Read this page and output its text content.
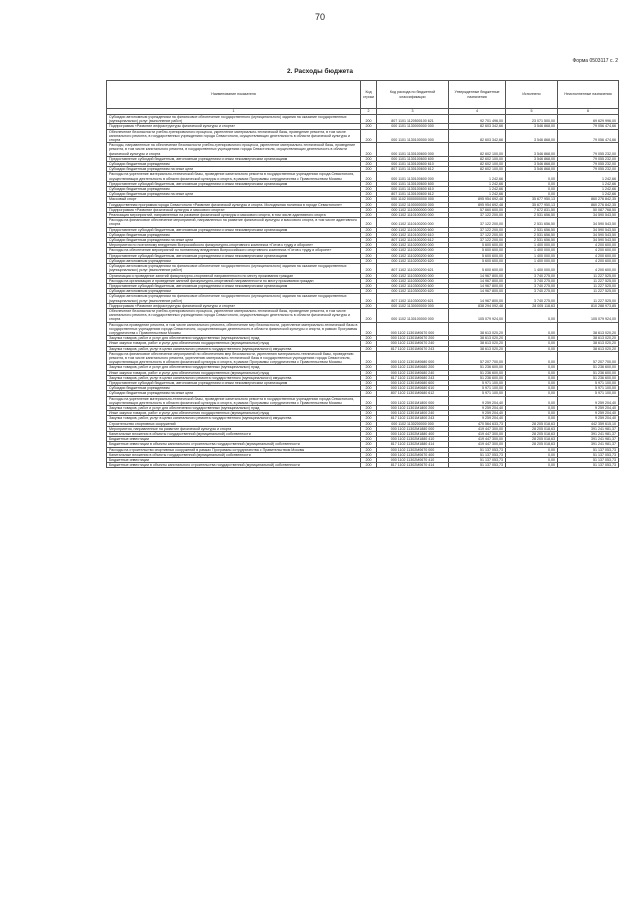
70
Форма 0503117 с. 2
2. Расходы бюджета
Наименование показателя	Код строки	Код расхода по бюджетной классификации	Утвержденные бюджетные назначения	Исполнено	Неисполненные назначения
1	2	3	4	5	6
Субсидии автономным учреждениям на финансовое обеспечение государственного (муниципального) задания на оказание государственных (муниципальных) услуг (выполнение работ)	200	807 1101 1120500100 621	92 701 496,00	23 071 500,00	69 629 996,00
Подпрограмма «Развитие инфраструктуры физической культуры и спорта»	200	000 1101 1130000000 000	82 603 342,66	3 546 868,00	79 056 474,66
Обеспечение безопасности учебно-тренировочного процесса, укрепление материально-технической базы, проведение ремонта, в том числе капитального ремонта, в государственных учреждениях города Севастополя, осуществляющих деятельность в области физической культуры и спорта	200	000 1101 1130100000 000	82 603 342,66	3 546 868,00	79 056 474,66
Расходы, направленные на обеспечение безопасности учебно-тренировочного процесса, укрепление материально-технической базы, проведение ремонта, в том числе капитального ремонта, в государственных учреждениях города Севастополя, осуществляющих деятельность в области физической культуры и спорта	200	000 1101 1130100600 000	82 602 100,00	3 546 868,00	79 055 232,00
Предоставление субсидий бюджетным, автономным учреждениям и иным некоммерческим организациям	200	000 1101 1130100600 600	82 602 100,00	3 546 868,00	79 055 232,00
Субсидии бюджетным учреждениям	200	000 1101 1130100600 610	82 602 100,00	3 546 868,00	79 055 232,00
Субсидии бюджетным учреждениям на иные цели	200	807 1101 1130100600 612	82 602 100,00	3 546 868,00	79 055 232,00
Расходы на укрепление материально-технической базы, проведение капитального ремонта в государственных учреждениях города Севастополя, осуществляющих деятельность в области физической культуры и спорта, в рамках Программы сотрудничества с Правительством Москвы	200	000 1101 1130100600 000	1 242,66	0,00	1 242,66
Предоставление субсидий бюджетным, автономным учреждениям и иным некоммерческим организациям	200	000 1101 1130100600 600	1 242,66	0,00	1 242,66
Субсидии бюджетным учреждениям	200	000 1101 1130100600 610	1 242,66	0,00	1 242,66
Субсидии бюджетным учреждениям на иные цели	200	807 1101 1130100600 612	1 242,66	0,00	1 242,66
Массовый спорт	200	000 1102 0000000000 000	895 954 692,48	35 677 950,13	860 276 842,35
Государственная программа города Севастополя «Развитие физической культуры и спорта. Молодежная политика в городе Севастополе»	200	000 1102 1100000000 000	895 954 692,48	35 677 950,13	860 276 842,35
Подпрограмма «Развитие физической культуры и массового спорта»	200	000 1102 1110000000 000	57 660 600,00	7 672 831,50	50 087 768,50
Реализация мероприятий, направленных на развитие физической культуры и массового спорта, в том числе адаптивного спорта	200	000 1102 1110100000 000	37 122 200,00	2 531 656,50	34 590 543,50
Расходы на финансовое обеспечение мероприятий, направленных на развитие физической культуры и массового спорта, в том числе адаптивного спорта	200	000 1102 1110100200 000	37 122 200,00	2 531 656,50	34 590 543,50
Предоставление субсидий бюджетным, автономным учреждениям и иным некоммерческим организациям	200	000 1102 1110100200 600	37 122 200,00	2 531 656,50	34 590 543,50
Субсидии бюджетным учреждениям	200	000 1102 1110100200 610	37 122 200,00	2 531 656,50	34 590 543,50
Субсидии бюджетным учреждениям на иные цели	200	807 1102 1110100200 612	37 122 200,00	2 531 656,50	34 590 543,50
Мероприятия по поэтапному внедрению Всероссийского физкультурно-спортивного комплекса «Готов к труду и обороне»	200	000 1102 1110200000 000	5 600 600,00	1 400 000,00	4 200 600,00
Расходы на обеспечение мероприятий по поэтапному внедрению Всероссийского спортивного комплекса «Готов к труду и обороне»	200	000 1102 1110200200 000	5 600 600,00	1 400 000,00	4 200 600,00
Предоставление субсидий бюджетным, автономным учреждениям и иным некоммерческим организациям	200	000 1102 1110200200 600	5 600 600,00	1 400 000,00	4 200 600,00
Субсидии автономным учреждениям	200	000 1102 1110200200 620	5 600 600,00	1 400 000,00	4 200 600,00
Субсидии автономным учреждениям на финансовое обеспечение государственного (муниципального) задания на оказание государственных (муниципальных) услуг (выполнение работ)	200	807 1102 1110200200 621	5 600 600,00	1 400 000,00	4 200 600,00
Организация и проведение занятий физкультурно-спортивной направленности по месту проживания граждан	200	000 1102 1110300000 000	14 967 800,00	3 740 275,00	11 227 525,00
Расходы на организацию и проведение занятий физкультурно-спортивной направленности по месту проживания граждан	200	000 1102 1110300200 000	14 967 800,00	3 740 275,00	11 227 525,00
Предоставление субсидий бюджетным, автономным учреждениям и иным некоммерческим организациям	200	000 1102 1110300200 600	14 967 800,00	3 740 275,00	11 227 525,00
Субсидии автономным учреждениям	200	000 1102 1110300200 620	14 967 800,00	3 740 275,00	11 227 525,00
Субсидии автономным учреждениям на финансовое обеспечение государственного (муниципального) задания на оказание государственных (муниципальных) услуг (выполнение работ)	200	807 1102 1110300200 621	14 967 800,00	3 740 275,00	11 227 525,00
Подпрограмма «Развитие инфраструктуры физической культуры и спорта»	200	000 1102 1130000000 000	838 294 092,48	28 005 118,63	810 288 973,85
Обеспечение безопасности учебно-тренировочного процесса, укрепление материально-технической базы, проведение ремонта, в том числе капитального ремонта, в государственных учреждениях города Севастополя, осуществляющих деятельность в области физической культуры и спорта	200	000 1102 1130100000 000	105 079 924,00	0,00	105 079 924,00
Расходы на проведение ремонта, в том числе капитального ремонта, обеспечение мер безопасности, укрепление материально-технической базы в государственных учреждениях города Севастополя, осуществляющих деятельность в области физической культуры и спорта, в рамках Программы сотрудничества с Правительством Москвы	200	000 1102 11301М0670 000	38 613 020,20	0,00	38 613 020,20
Закупка товаров, работ и услуг для обеспечения государственных (муниципальных) нужд	200	000 1102 11301М0670 200	38 613 020,20	0,00	38 613 020,20
Иные закупки товаров, работ и услуг для обеспечения государственных (муниципальных) нужд	200	000 1102 11301М0670 240	38 613 020,20	0,00	38 613 020,20
Закупка товаров, работ, услуг в целях капитального ремонта государственного (муниципального) имущества	200	817 1102 11301М0670 243	38 613 020,20	0,00	38 613 020,20
Расходы на финансовое обеспечение мероприятий по обеспечению мер безопасности, укреплению материально-технической базы, проведению ремонта, в том числе капитального ремонта, укреплению материально-технической базы в государственных учреждениях города Севастополя, осуществляющих деятельность в области физической культуры и спорта, в рамках Программы сотрудничества с Правительством Москвы	200	000 1102 11301М0680 000	57 207 700,00	0,00	57 207 700,00
Закупка товаров, работ и услуг для обеспечения государственных (муниципальных) нужд	200	000 1102 11301М0680 200	51 236 600,00	0,00	51 236 600,00
Иные закупки товаров, работ и услуг для обеспечения государственных (муниципальных) нужд	200	000 1102 11301М0680 240	51 236 600,00	0,00	51 236 600,00
Закупка товаров, работ, услуг в целях капитального ремонта государственного (муниципального) имущества	200	817 1102 11301М0680 243	51 236 600,00	0,00	51 236 600,00
Предоставление субсидий бюджетным, автономным учреждениям и иным некоммерческим организациям	200	000 1102 11301М0680 600	5 971 100,00	0,00	5 971 100,00
Субсидии бюджетным учреждениям	200	000 1102 11301М0680 610	5 971 100,00	0,00	5 971 100,00
Субсидии бюджетным учреждениям на иные цели	200	807 1102 11301М0680 612	5 971 100,00	0,00	5 971 100,00
Расходы на укрепление материально-технической базы, проведение капитального ремонта в государственных учреждениях города Севастополя, осуществляющих деятельность в области физической культуры и спорта, в рамках Программы сотрудничества с Правительством Москвы	200	000 1102 11301М1800 000	9 259 204,40	0,00	9 259 204,40
Закупка товаров, работ и услуг для обеспечения государственных (муниципальных) нужд	200	000 1102 11301М1800 200	9 259 204,40	0,00	9 259 204,40
Иные закупки товаров, работ и услуг для обеспечения государственных (муниципальных) нужд	200	000 1102 11301М1800 240	9 259 204,40	0,00	9 259 204,40
Закупка товаров, работ, услуг в целях капитального ремонта государственного (муниципального) имущества	200	817 1102 11301М1800 243	9 259 204,40	0,00	9 259 204,40
Строительство спортивных сооружений	200	000 1102 1130200000 000	470 564 633,73	28 205 018,63	442 359 615,10
Мероприятия, направленные на развитие физической культуры и спорта	200	000 1102 11302М1880 000	419 447 300,00	28 205 018,63	391 241 981,37
Капитальные вложения в объекты государственной (муниципальной) собственности	200	000 1102 11302М1880 400	419 447 300,00	28 205 018,63	391 241 981,37
Бюджетные инвестиции	200	000 1102 11302М1880 410	419 447 300,00	28 205 018,63	391 241 981,37
Бюджетные инвестиции в объекты капитального строительства государственной (муниципальной) собственности	200	817 1102 11302М1880 414	419 447 300,00	28 205 018,63	391 241 981,37
Расходы на строительство спортивных сооружений в рамках Программы сотрудничества с Правительством Москвы	200	000 1102 11302М0670 000	51 137 053,73	0,00	51 137 053,73
Капитальные вложения в объекты государственной (муниципальной) собственности	200	000 1102 11302М0670 400	51 137 053,73	0,00	51 137 053,73
Бюджетные инвестиции	200	000 1102 11302М0670 410	51 137 053,73	0,00	51 137 053,73
Бюджетные инвестиции в объекты капитального строительства государственной (муниципальной) собственности	200	817 1102 11302М0670 414	51 137 053,73	0,00	51 137 053,73
